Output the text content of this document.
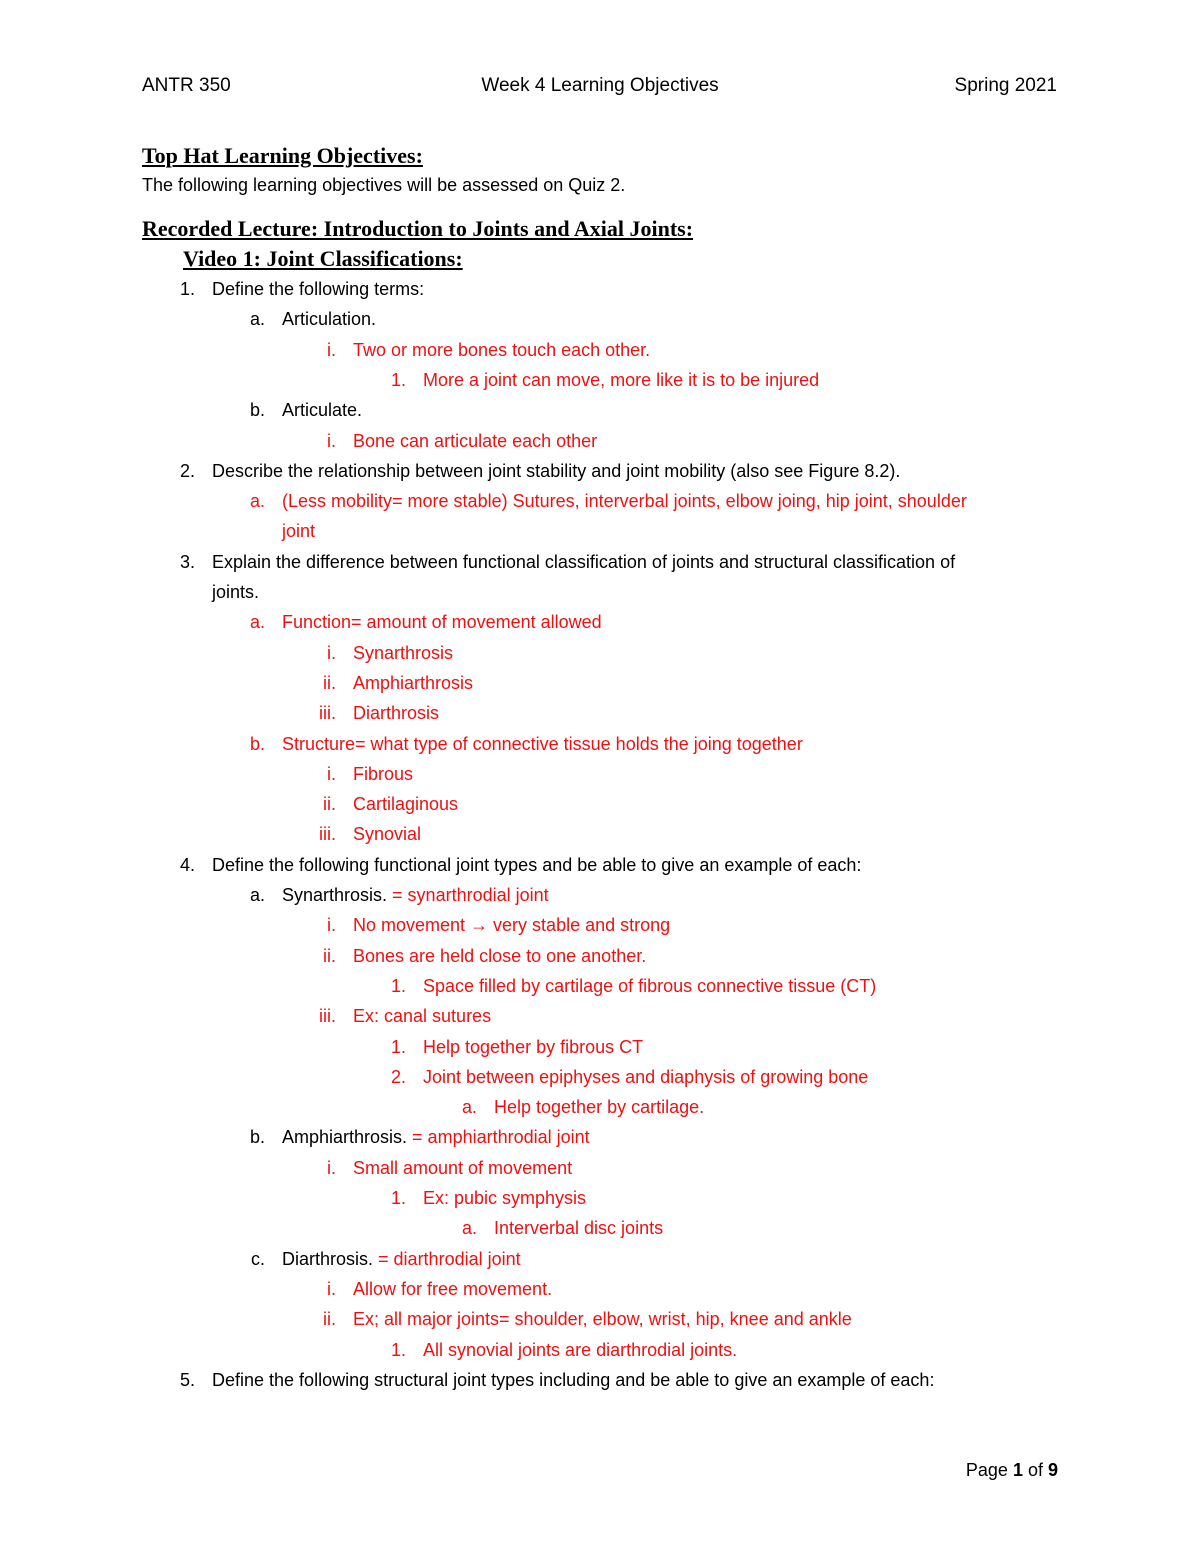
ANTR 350	Week 4 Learning Objectives	Spring 2021
Top Hat Learning Objectives:
The following learning objectives will be assessed on Quiz 2.
Recorded Lecture: Introduction to Joints and Axial Joints:
Video 1: Joint Classifications:
1. Define the following terms:
a. Articulation.
i. Two or more bones touch each other.
1. More a joint can move, more like it is to be injured
b. Articulate.
i. Bone can articulate each other
2. Describe the relationship between joint stability and joint mobility (also see Figure 8.2).
a. (Less mobility= more stable) Sutures, interverbal joints, elbow joing, hip joint, shoulder
joint
3. Explain the difference between functional classification of joints and structural classification of
joints.
a. Function= amount of movement allowed
i. Synarthrosis
ii. Amphiarthrosis
iii. Diarthrosis
b. Structure= what type of connective tissue holds the joing together
i. Fibrous
ii. Cartilaginous
iii. Synovial
4. Define the following functional joint types and be able to give an example of each:
a. Synarthrosis. = synarthrodial joint
i. No movement → very stable and strong
ii. Bones are held close to one another.
1. Space filled by cartilage of fibrous connective tissue (CT)
iii. Ex: canal sutures
1. Help together by fibrous CT
2. Joint between epiphyses and diaphysis of growing bone
a. Help together by cartilage.
b. Amphiarthrosis. = amphiarthrodial joint
i. Small amount of movement
1. Ex: pubic symphysis
a. Interverbal disc joints
c. Diarthrosis. = diarthrodial joint
i. Allow for free movement.
ii. Ex; all major joints= shoulder, elbow, wrist, hip, knee and ankle
1. All synovial joints are diarthrodial joints.
5. Define the following structural joint types including and be able to give an example of each:
Page 1 of 9
